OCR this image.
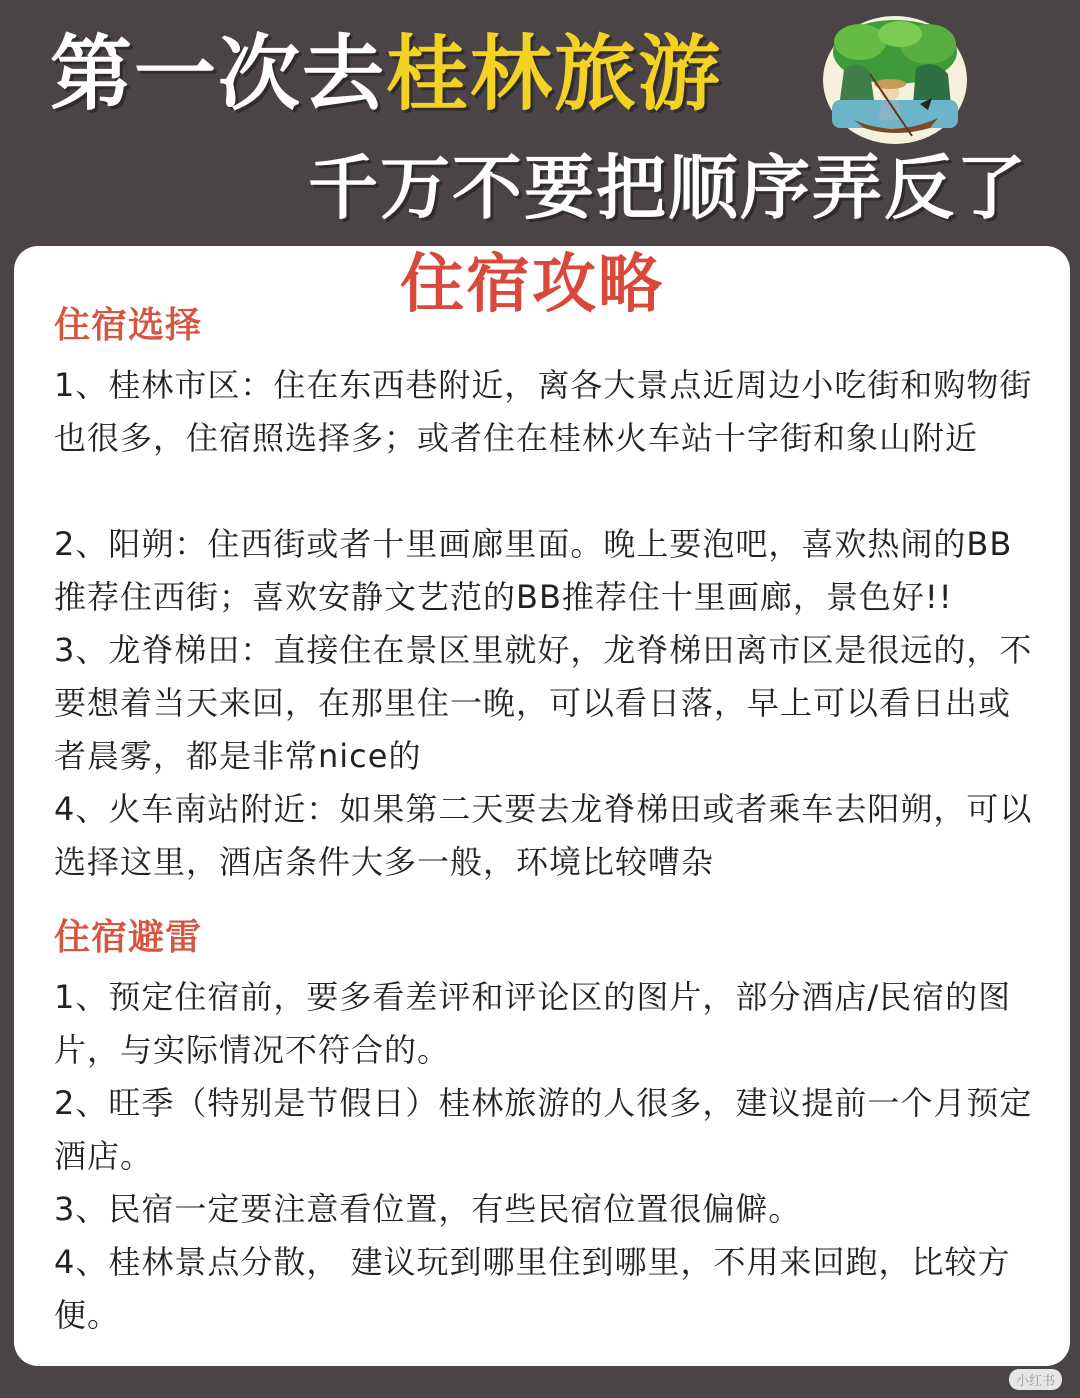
第一次去桂林旅游
千万不要把顺序弄反了
住宿攻略
住宿选择
1、桂林市区：住在东西巷附近，离各大景点近周边小吃街和购物街也很多，住宿照选择多；或者住在桂林火车站十字街和象山附近
2、阳朔：住西街或者十里画廊里面。晚上要泡吧，喜欢热闹的BB推荐住西街；喜欢安静文艺范的BB推荐住十里画廊，景色好!!
3、龙脊梯田：直接住在景区里就好，龙脊梯田离市区是很远的，不要想着当天来回，在那里住一晚，可以看日落，早上可以看日出或者晨雾，都是非常nice的
4、火车南站附近：如果第二天要去龙脊梯田或者乘车去阳朔，可以选择这里，酒店条件大多一般，环境比较嘈杂
住宿避雷
1、预定住宿前，要多看差评和评论区的图片，部分酒店/民宿的图片，与实际情况不符合的。
2、旺季（特别是节假日）桂林旅游的人很多，建议提前一个月预定酒店。
3、民宿一定要注意看位置，有些民宿位置很偏僻。
4、桂林景点分散， 建议玩到哪里住到哪里，不用来回跑，比较方便。
小红书
